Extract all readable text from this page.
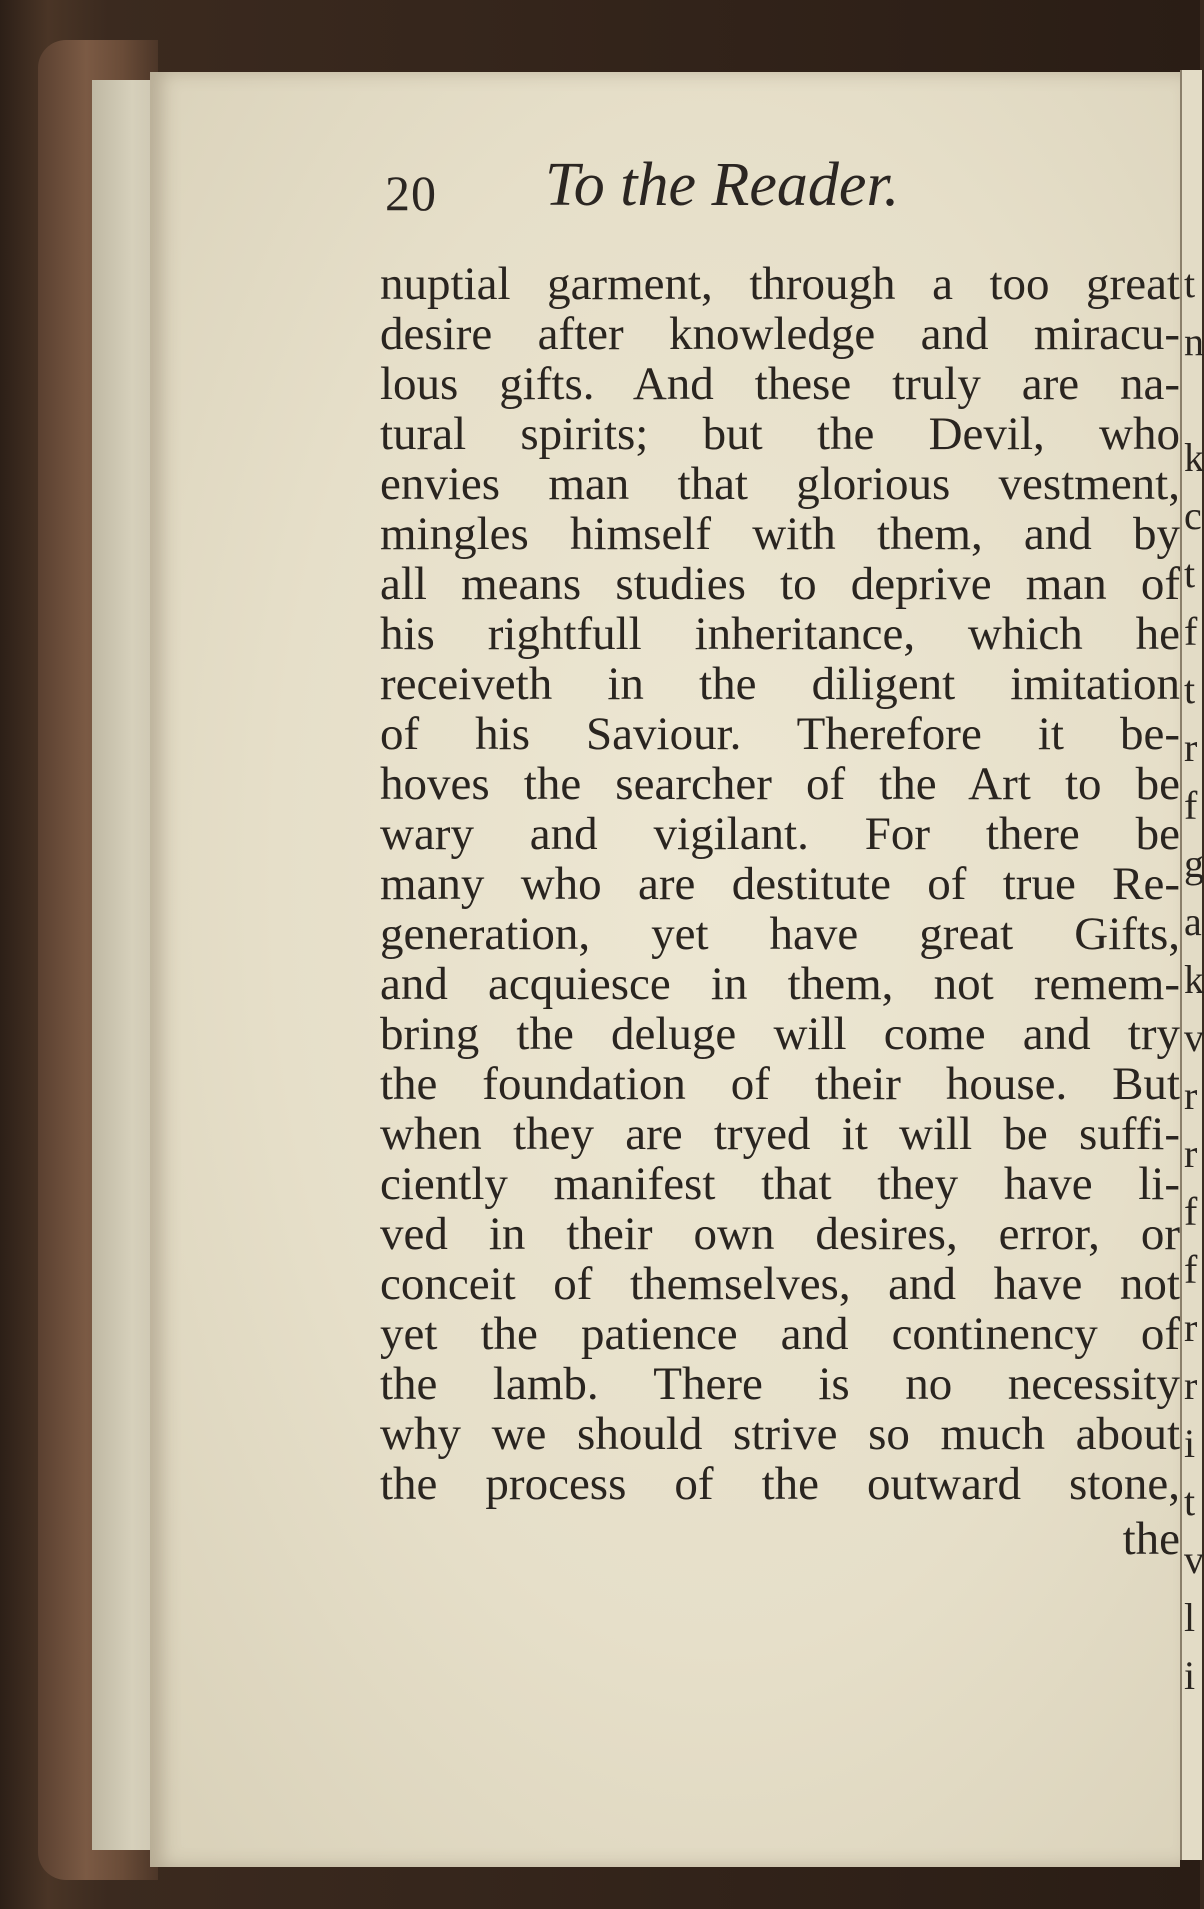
20 To the Reader.
nuptial garment, through a too great
desire after knowledge and miracu-
lous gifts. And these truly are na-
tural spirits; but the Devil, who
envies man that glorious vestment,
mingles himself with them, and by
all means studies to deprive man of
his rightfull inheritance, which he
receiveth in the diligent imitation
of his Saviour. Therefore it be-
hoves the searcher of the Art to be
wary and vigilant. For there be
many who are destitute of true Re-
generation, yet have great Gifts,
and acquiesce in them, not remem-
bring the deluge will come and try
the foundation of their house. But
when they are tryed it will be suffi-
ciently manifest that they have li-
ved in their own desires, error, or
conceit of themselves, and have not
yet the patience and continency of
the lamb. There is no necessity
why we should strive so much about
the process of the outward stone,
the
t
n
k
c
t
f
t
r
f
g
a
k
v
r
r
f
f
r
r
i
t
v
l
i
